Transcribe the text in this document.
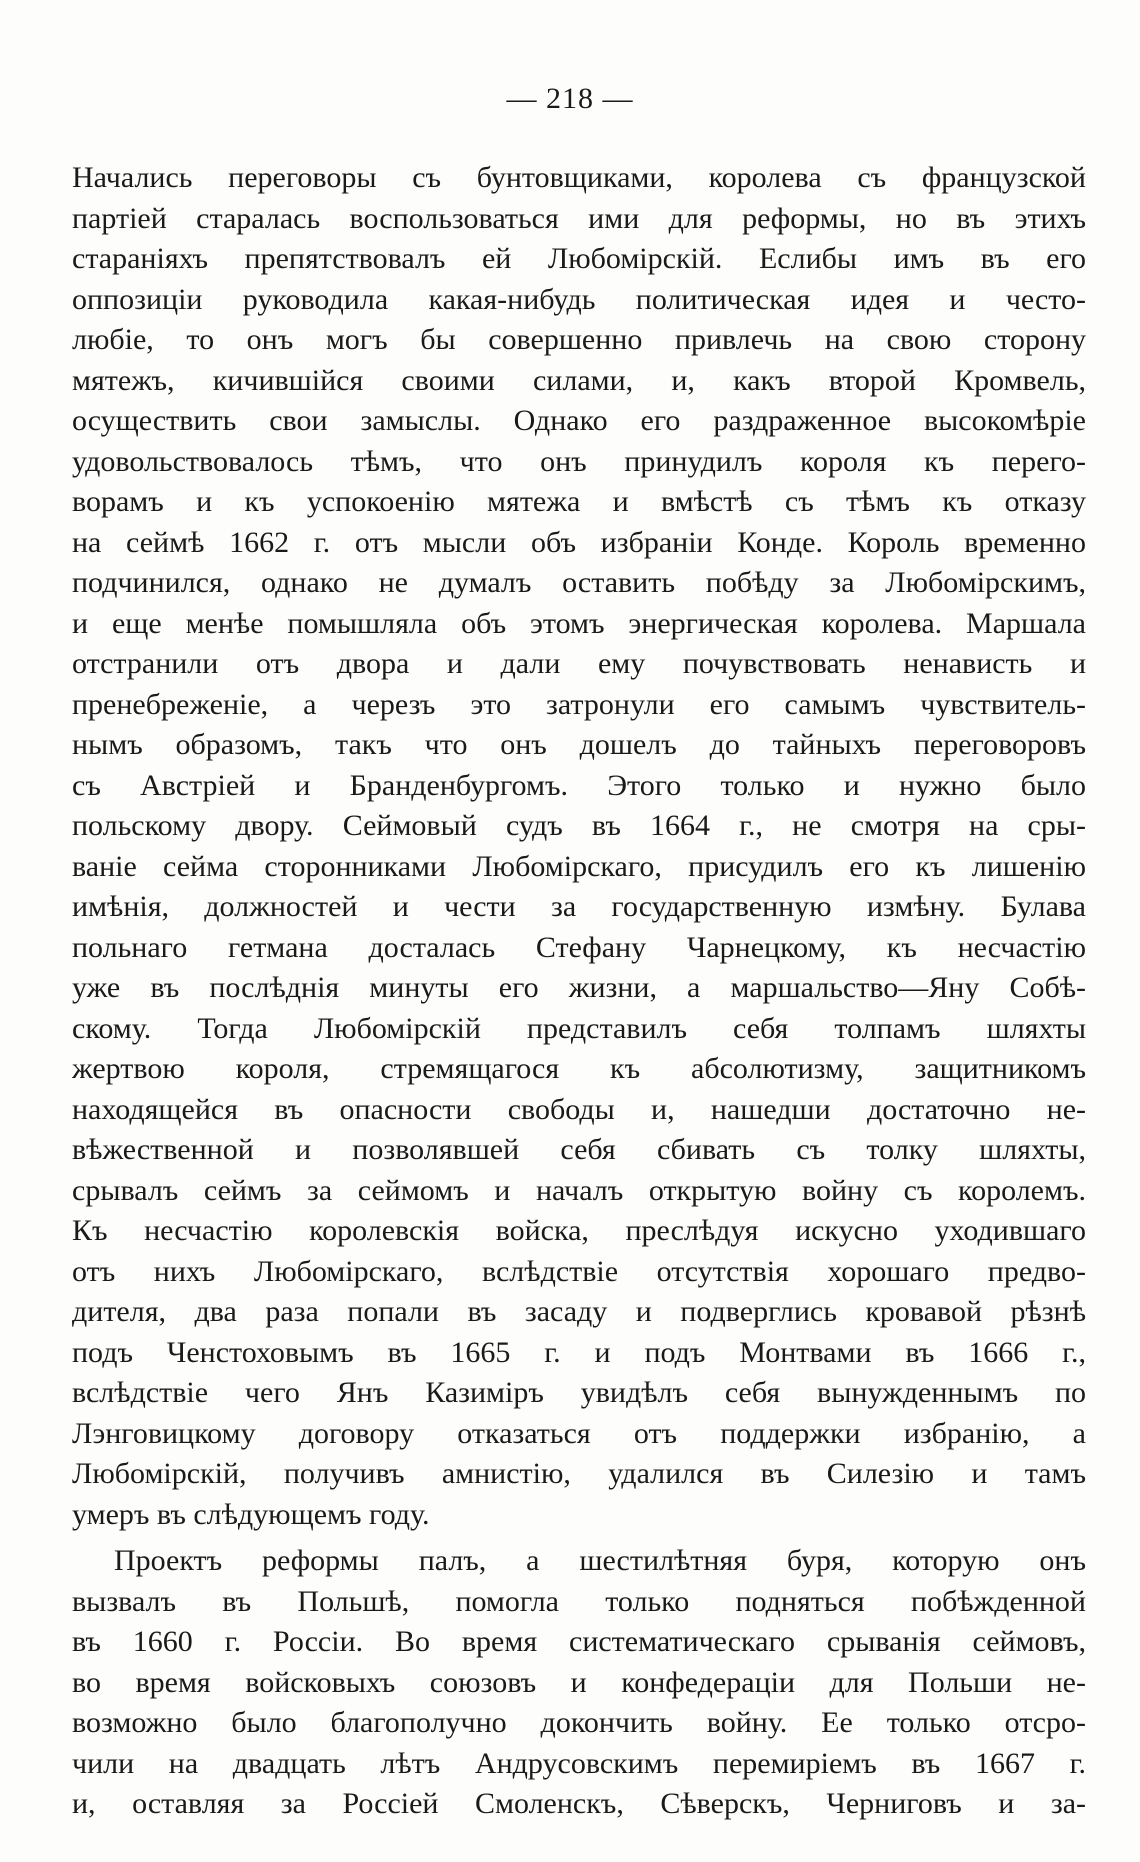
— 218 —
Начались переговоры съ бунтовщиками, королева съ французской
партіей старалась воспользоваться ими для реформы, но въ этихъ
стараніяхъ препятствовалъ ей Любомірскій. Еслибы имъ въ его
оппозиціи руководила какая-нибудь политическая идея и често-
любіе, то онъ могъ бы совершенно привлечь на свою сторону
мятежъ, кичившійся своими силами, и, какъ второй Кромвель,
осуществить свои замыслы. Однако его раздраженное высокомѣріе
удовольствовалось тѣмъ, что онъ принудилъ короля къ перего-
ворамъ и къ успокоенію мятежа и вмѣстѣ съ тѣмъ къ отказу
на сеймѣ 1662 г. отъ мысли объ избраніи Конде. Король временно
подчинился, однако не думалъ оставить побѣду за Любомірскимъ,
и еще менѣе помышляла объ этомъ энергическая королева. Маршала
отстранили отъ двора и дали ему почувствовать ненависть и
пренебреженіе, а черезъ это затронули его самымъ чувствитель-
нымъ образомъ, такъ что онъ дошелъ до тайныхъ переговоровъ
съ Австріей и Бранденбургомъ. Этого только и нужно было
польскому двору. Сеймовый судъ въ 1664 г., не смотря на сры-
ваніе сейма сторонниками Любомірскаго, присудилъ его къ лишенію
имѣнія, должностей и чести за государственную измѣну. Булава
польнаго гетмана досталась Стефану Чарнецкому, къ несчастію
уже въ послѣднія минуты его жизни, а маршальство—Яну Собѣ-
скому. Тогда Любомірскій представилъ себя толпамъ шляхты
жертвою короля, стремящагося къ абсолютизму, защитникомъ
находящейся въ опасности свободы и, нашедши достаточно не-
вѣжественной и позволявшей себя сбивать съ толку шляхты,
срывалъ сеймъ за сеймомъ и началъ открытую войну съ королемъ.
Къ несчастію королевскія войска, преслѣдуя искусно уходившаго
отъ нихъ Любомірскаго, вслѣдствіе отсутствія хорошаго предво-
дителя, два раза попали въ засаду и подверглись кровавой рѣзнѣ
подъ Ченстоховымъ въ 1665 г. и подъ Монтвами въ 1666 г.,
вслѣдствіе чего Янъ Казиміръ увидѣлъ себя вынужденнымъ по
Лэнговицкому договору отказаться отъ поддержки избранію, а
Любомірскій, получивъ амнистію, удалился въ Силезію и тамъ
умеръ въ слѣдующемъ году.
Проектъ реформы палъ, а шестилѣтняя буря, которую онъ
вызвалъ въ Польшѣ, помогла только подняться побѣжденной
въ 1660 г. Россіи. Во время систематическаго срыванія сеймовъ,
во время войсковыхъ союзовъ и конфедераціи для Польши не-
возможно было благополучно докончить войну. Ее только отсро-
чили на двадцать лѣтъ Андрусовскимъ перемиріемъ въ 1667 г.
и, оставляя за Россіей Смоленскъ, Сѣверскъ, Черниговъ и за-
